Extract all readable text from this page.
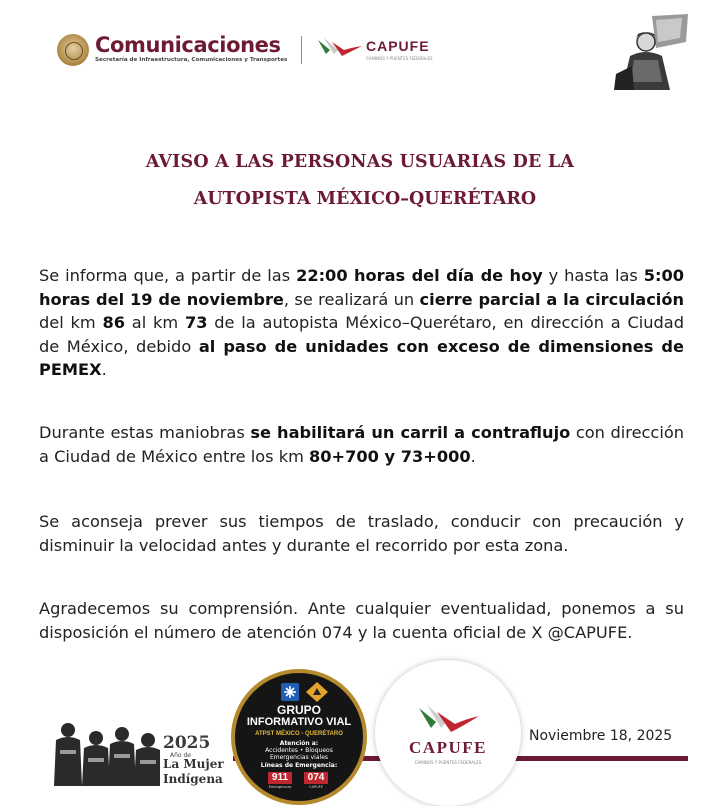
Comunicaciones
Secretaría de Infraestructura, Comunicaciones y Transportes
CAPUFE
CAMINOS Y PUENTES FEDERALES
AVISO A LAS PERSONAS USUARIAS DE LA
AUTOPISTA MÉXICO–QUERÉTARO
Se informa que, a partir de las 22:00 horas del día de hoy y hasta las 5:00 horas del 19 de noviembre, se realizará un cierre parcial a la circulación del km 86 al km 73 de la autopista México–Querétaro, en dirección a Ciudad de México, debido al paso de unidades con exceso de dimensiones de PEMEX.
Durante estas maniobras se habilitará un carril a contraflujo con dirección a Ciudad de México entre los km 80+700 y 73+000.
Se aconseja prever sus tiempos de traslado, conducir con precaución y disminuir la velocidad antes y durante el recorrido por esta zona.
Agradecemos su comprensión. Ante cualquier eventualidad, ponemos a su disposición el número de atención 074 y la cuenta oficial de X @CAPUFE.
2025
Año de
La Mujer
Indígena
GRUPO
INFORMATIVO VIAL
ATPST MÉXICO - QUERÉTARO
Atención a:
Accidentes • Bloqueos
Emergencias viales
Líneas de Emergencia:
911	074
Emergencias	CAPUFE
CAPUFE
CAMINOS Y PUENTES FEDERALES
Noviembre 18, 2025
